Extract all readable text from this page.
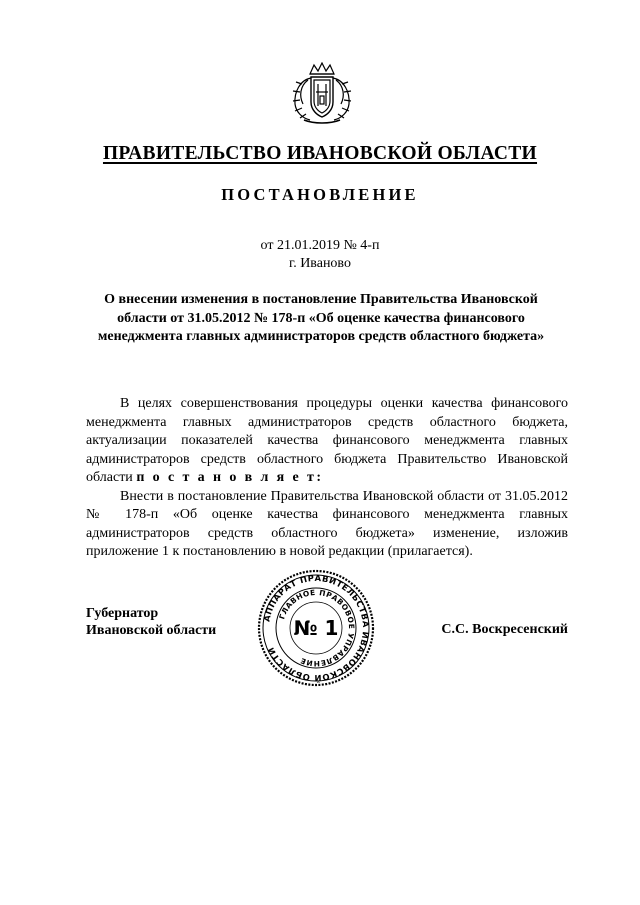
ПРАВИТЕЛЬСТВО ИВАНОВСКОЙ ОБЛАСТИ
ПОСТАНОВЛЕНИЕ
от 21.01.2019 № 4-п
г. Иваново
О внесении изменения в постановление Правительства Ивановской области от 31.05.2012 № 178-п «Об оценке качества финансового менеджмента главных администраторов средств областного бюджета»

В целях совершенствования процедуры оценки качества финансового менеджмента главных администраторов средств областного бюджета, актуализации показателей качества финансового менеджмента главных администраторов средств областного бюджета Правительство Ивановской области п о с т а н о в л я е т:

Внести в постановление Правительства Ивановской области от 31.05.2012 № 178-п «Об оценке качества финансового менеджмента главных администраторов средств областного бюджета» изменение, изложив приложение 1 к постановлению в новой редакции (прилагается).

Губернатор
Ивановской области
АППАРАТ ПРАВИТЕЛЬСТВА ИВАНОВСКОЙ ОБЛАСТИ
ГЛАВНОЕ ПРАВОВОЕ УПРАВЛЕНИЕ
№ 1	С.С. Воскресенский
